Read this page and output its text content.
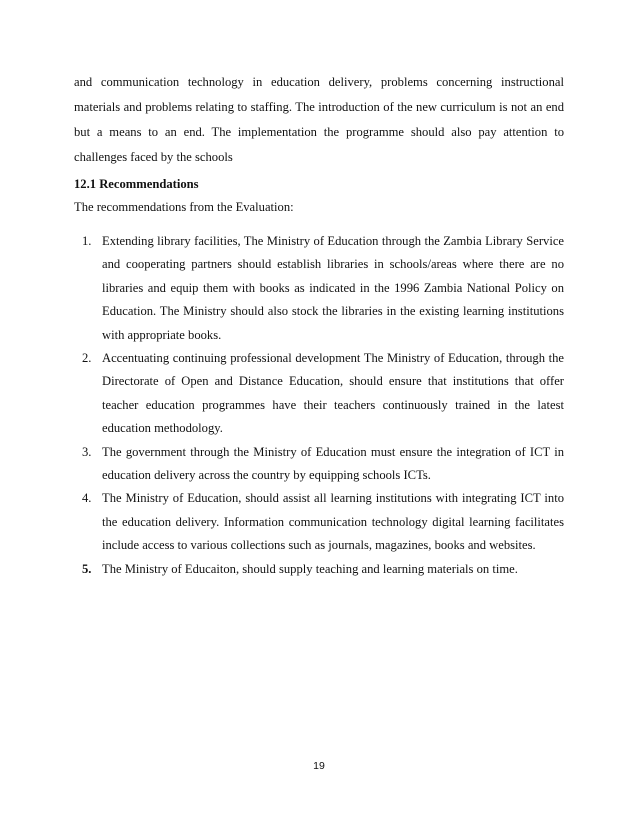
and communication technology in education delivery, problems concerning instructional materials and problems relating to staffing. The introduction of the new curriculum is not an end but a means to an end. The implementation the programme should also pay attention to challenges faced by the schools

12.1 Recommendations

The recommendations from the Evaluation:

1. Extending library facilities, The Ministry of Education through the Zambia Library Service and cooperating partners should establish libraries in schools/areas where there are no libraries and equip them with books as indicated in the 1996 Zambia National Policy on Education. The Ministry should also stock the libraries in the existing learning institutions with appropriate books.
2. Accentuating continuing professional development The Ministry of Education, through the Directorate of Open and Distance Education, should ensure that institutions that offer teacher education programmes have their teachers continuously trained in the latest education methodology.
3. The government through the Ministry of Education must ensure the integration of ICT in education delivery across the country by equipping schools ICTs.
4. The Ministry of Education, should assist all learning institutions with integrating ICT into the education delivery. Information communication technology digital learning facilitates include access to various collections such as journals, magazines, books and websites.
5. The Ministry of Educaiton, should supply teaching and learning materials on time.
19
